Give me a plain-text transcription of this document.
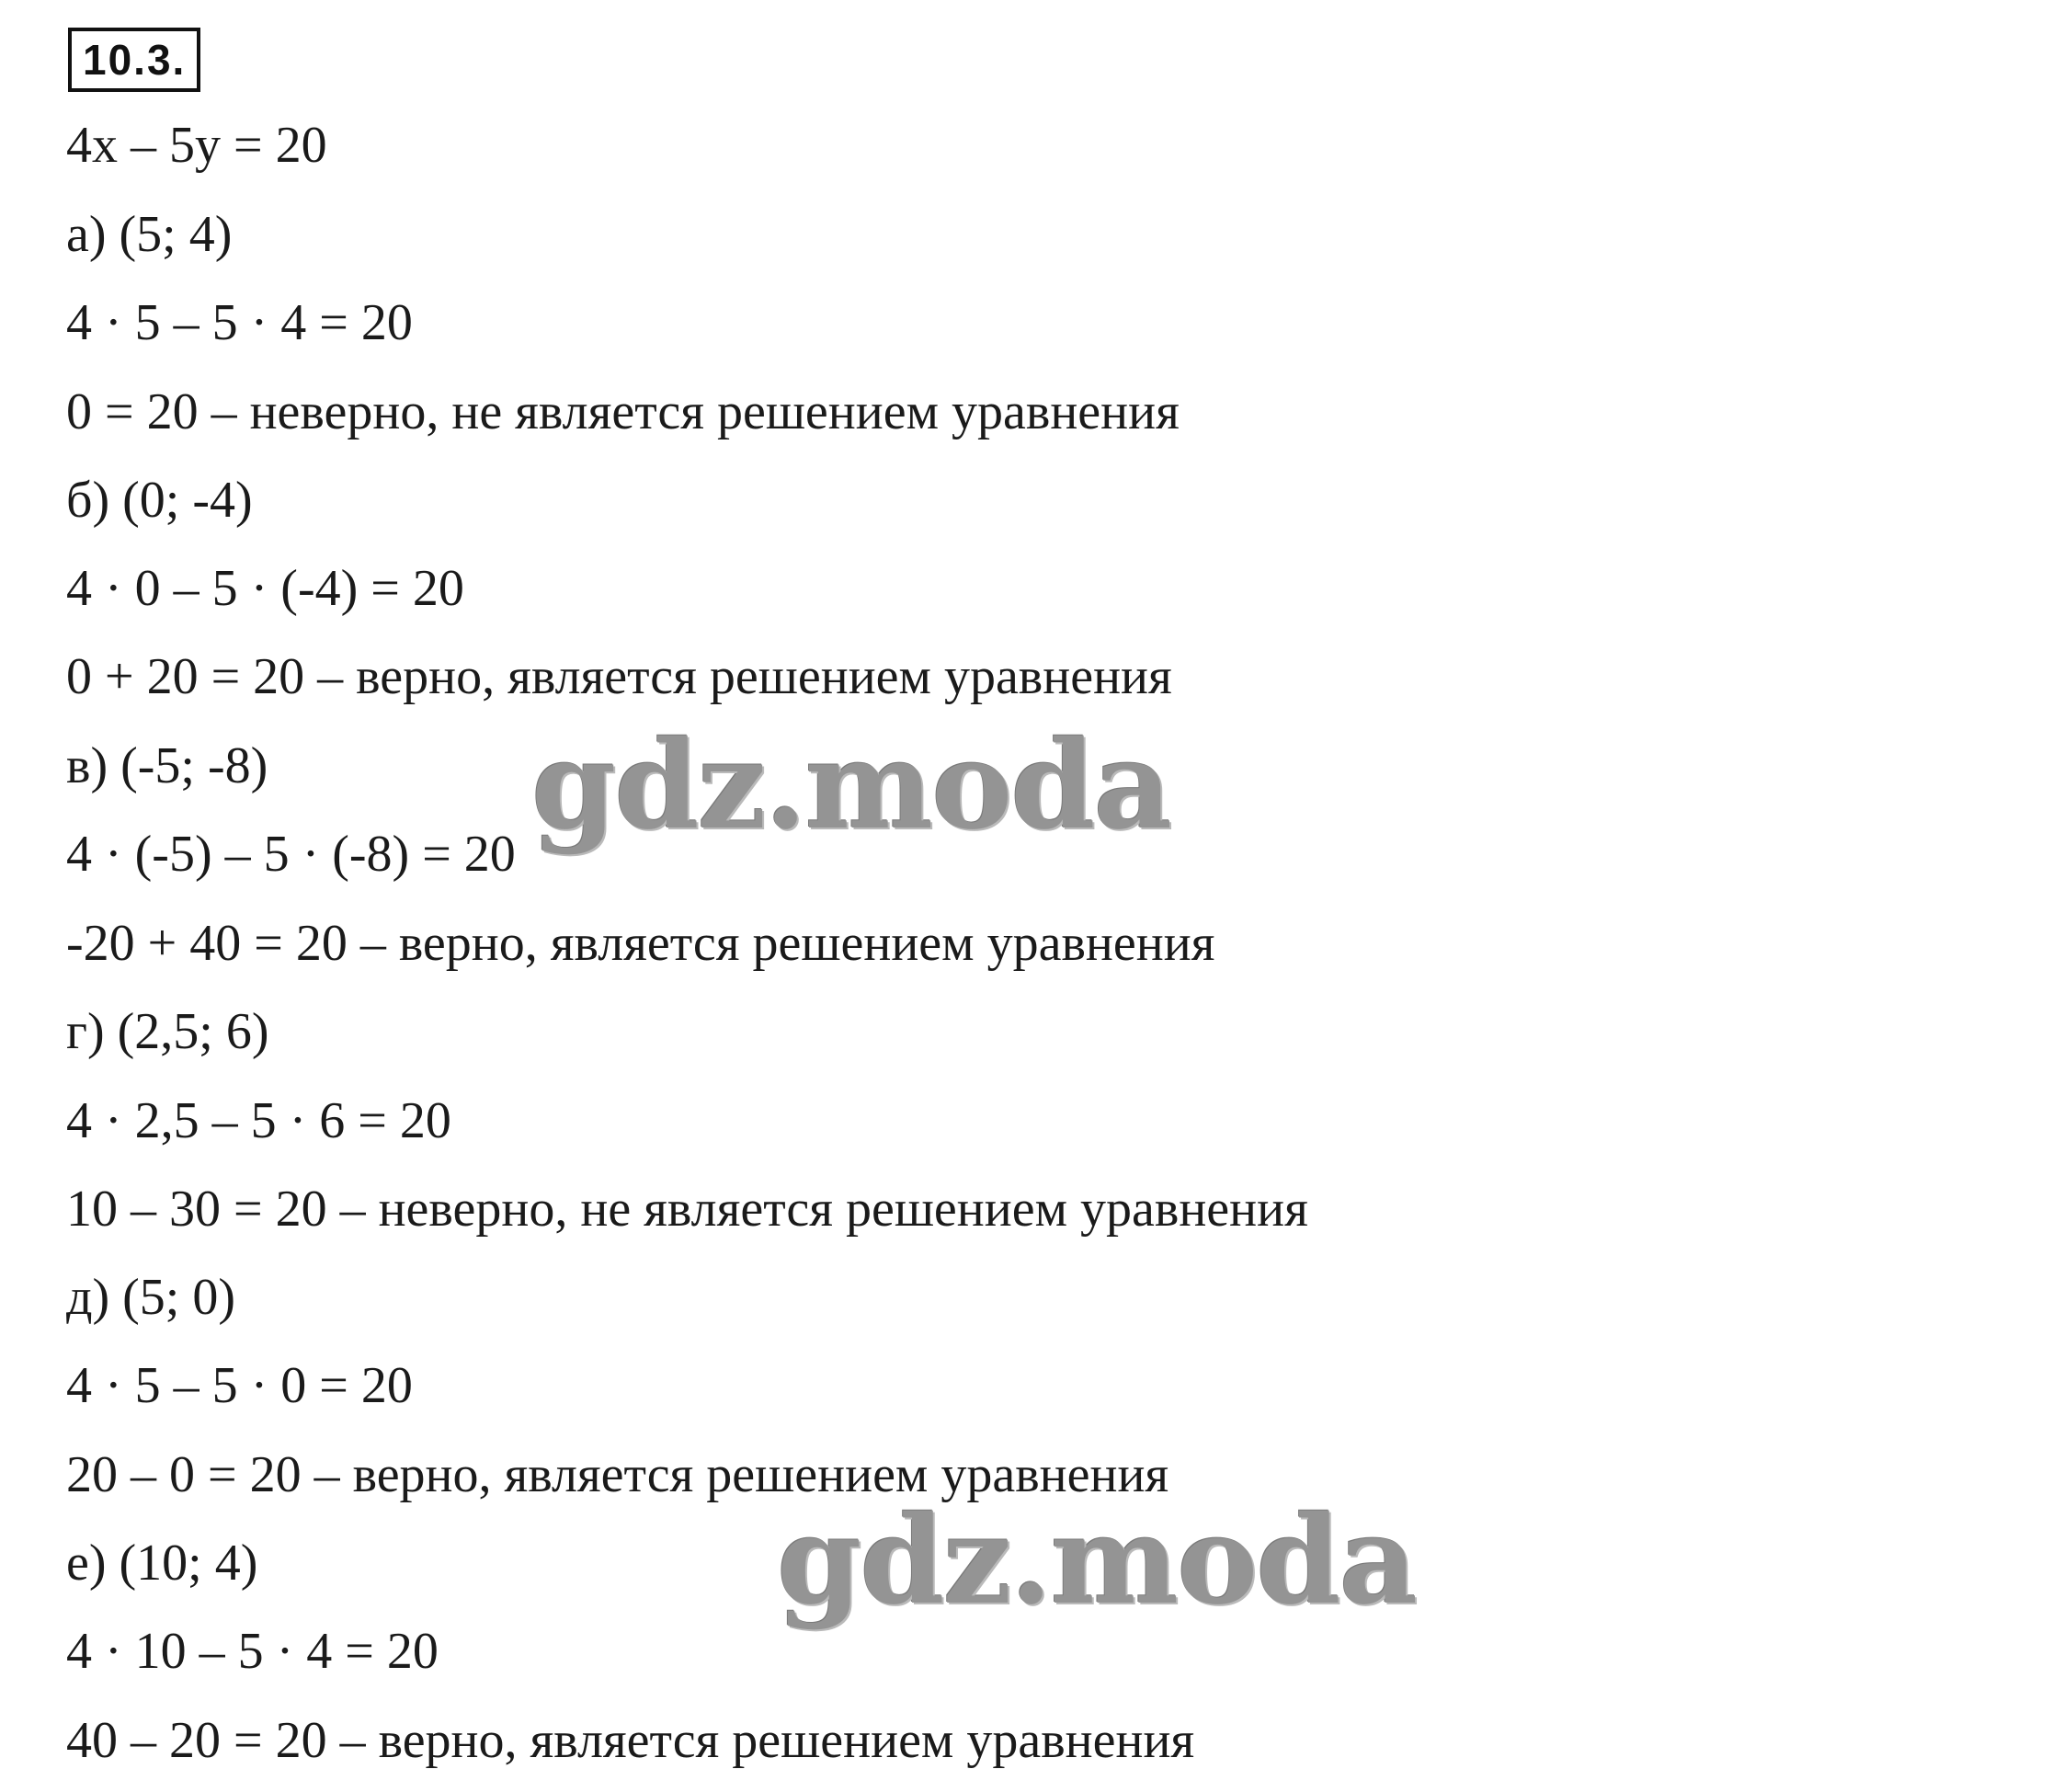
10.3.
4x – 5y = 20
а) (5; 4)
4 · 5 – 5 · 4 = 20
0 = 20 – неверно, не является решением уравнения
б) (0; -4)
4 · 0 – 5 · (-4) = 20
0 + 20 = 20 – верно, является решением уравнения
в) (-5; -8)
4 · (-5) – 5 · (-8) = 20
-20 + 40 = 20 – верно, является решением уравнения
г) (2,5; 6)
4 · 2,5 – 5 · 6 = 20
10 – 30 = 20 – неверно, не является решением уравнения
д) (5; 0)
4 · 5 – 5 · 0 = 20
20 – 0 = 20 – верно, является решением уравнения
е) (10; 4)
4 · 10 – 5 · 4 = 20
40 – 20 = 20 – верно, является решением уравнения
gdz.moda
gdz.moda
